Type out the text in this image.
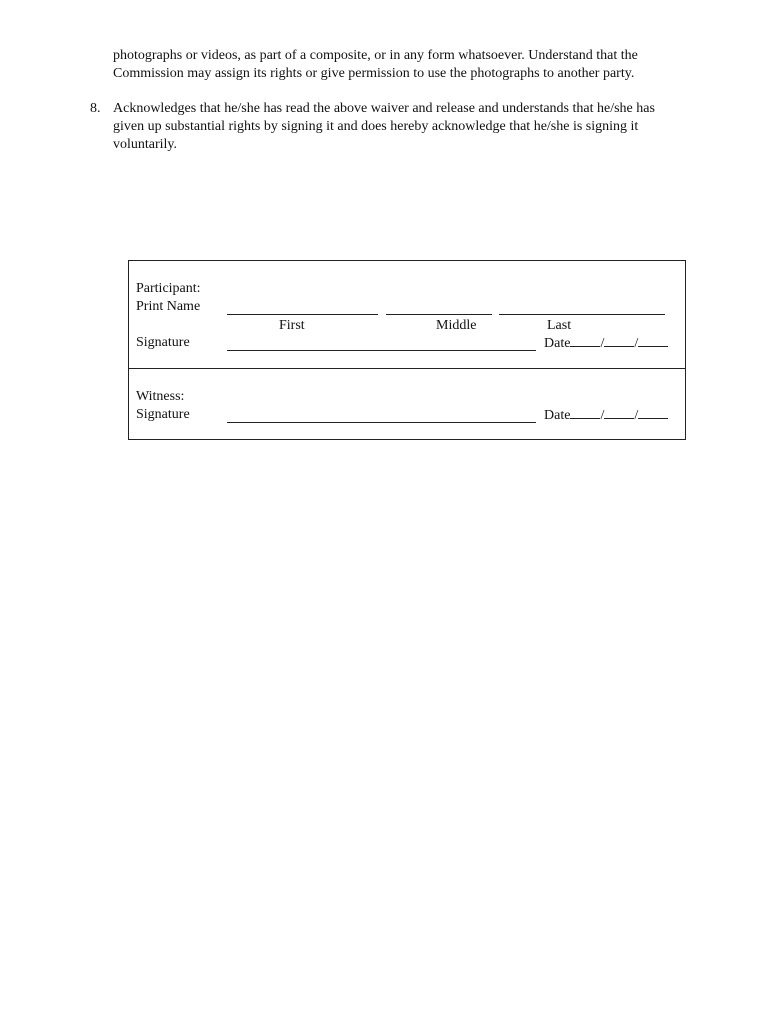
photographs or videos, as part of a composite, or in any form whatsoever. Understand that the
Commission may assign its rights or give permission to use the photographs to another party.
8. Acknowledges that he/she has read the above waiver and release and understands that he/she has
given up substantial rights by signing it and does hereby acknowledge that he/she is signing it
voluntarily.
Participant:
Print Name
First	Middle	Last
Signature	Date / /
Witness:
Signature	Date / /
